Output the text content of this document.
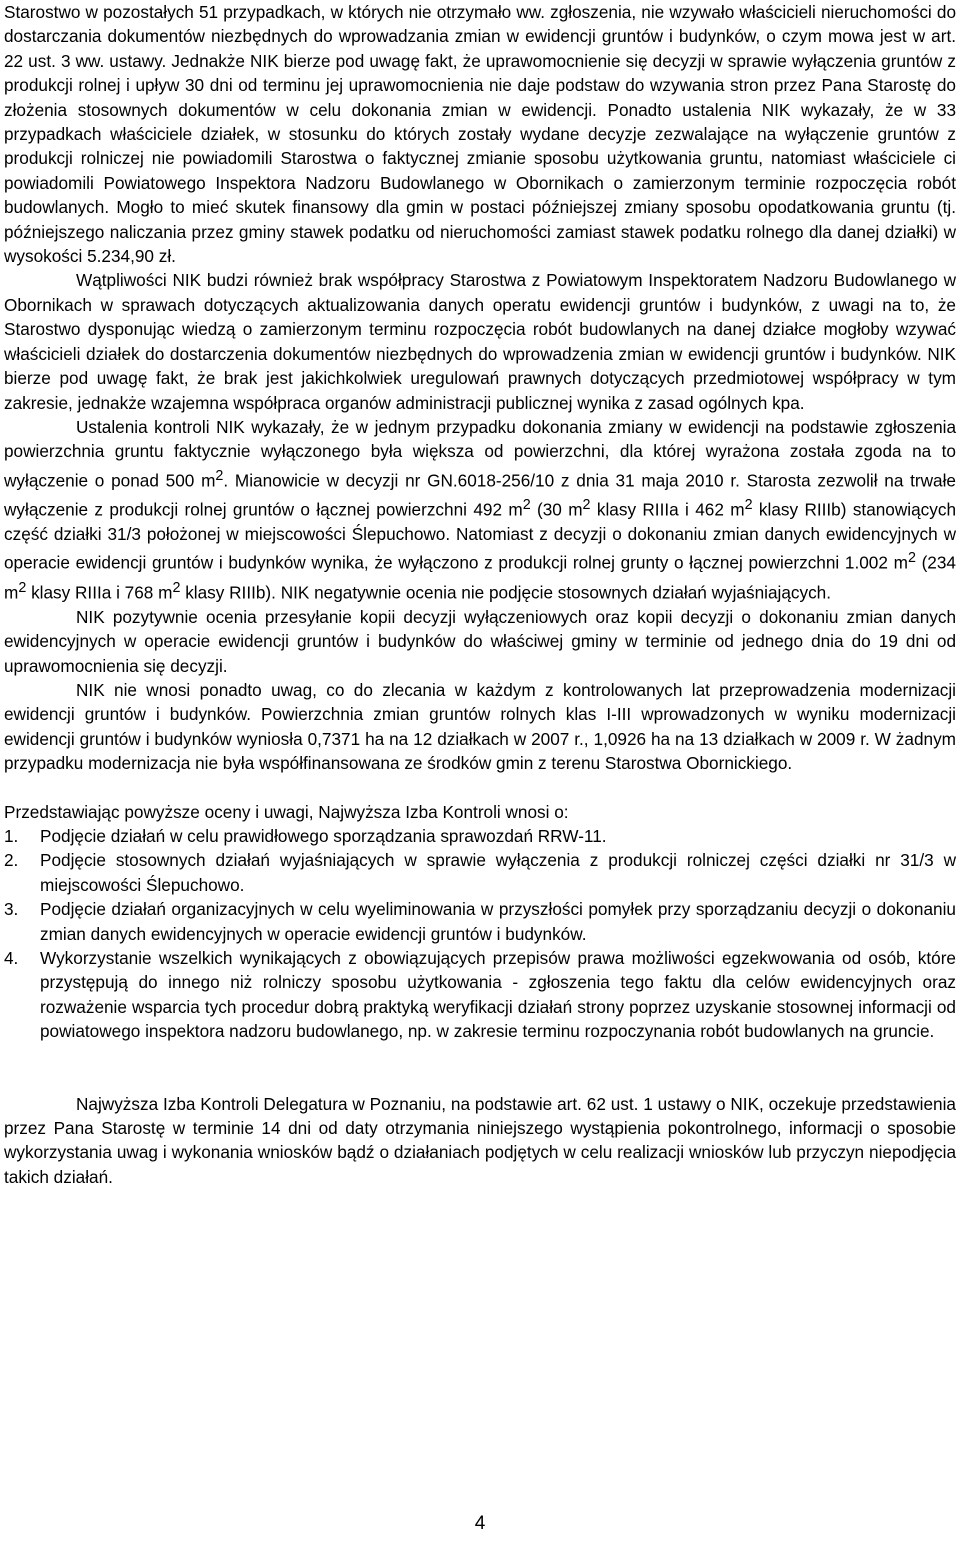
Starostwo w pozostałych 51 przypadkach, w których nie otrzymało ww. zgłoszenia, nie wzywało właścicieli nieruchomości do dostarczania dokumentów niezbędnych do wprowadzania zmian w ewidencji gruntów i budynków, o czym mowa jest w art. 22 ust. 3 ww. ustawy. Jednakże NIK bierze pod uwagę fakt, że uprawomocnienie się decyzji w sprawie wyłączenia gruntów z produkcji rolnej i upływ 30 dni od terminu jej uprawomocnienia nie daje podstaw do wzywania stron przez Pana Starostę do złożenia stosownych dokumentów w celu dokonania zmian w ewidencji. Ponadto ustalenia NIK wykazały, że w 33 przypadkach właściciele działek, w stosunku do których zostały wydane decyzje zezwalające na wyłączenie gruntów z produkcji rolniczej nie powiadomili Starostwa o faktycznej zmianie sposobu użytkowania gruntu, natomiast właściciele ci powiadomili Powiatowego Inspektora Nadzoru Budowlanego w Obornikach o zamierzonym terminie rozpoczęcia robót budowlanych. Mogło to mieć skutek finansowy dla gmin w postaci późniejszej zmiany sposobu opodatkowania gruntu (tj. późniejszego naliczania przez gminy stawek podatku od nieruchomości zamiast stawek podatku rolnego dla danej działki) w wysokości 5.234,90 zł.

Wątpliwości NIK budzi również brak współpracy Starostwa z Powiatowym Inspektoratem Nadzoru Budowlanego w Obornikach w sprawach dotyczących aktualizowania danych operatu ewidencji gruntów i budynków, z uwagi na to, że Starostwo dysponując wiedzą o zamierzonym terminu rozpoczęcia robót budowlanych na danej działce mogłoby wzywać właścicieli działek do dostarczenia dokumentów niezbędnych do wprowadzenia zmian w ewidencji gruntów i budynków. NIK bierze pod uwagę fakt, że brak jest jakichkolwiek uregulowań prawnych dotyczących przedmiotowej współpracy w tym zakresie, jednakże wzajemna współpraca organów administracji publicznej wynika z zasad ogólnych kpa.

Ustalenia kontroli NIK wykazały, że w jednym przypadku dokonania zmiany w ewidencji na podstawie zgłoszenia powierzchnia gruntu faktycznie wyłączonego była większa od powierzchni, dla której wyrażona została zgoda na to wyłączenie o ponad 500 $m^2$. Mianowicie w decyzji nr GN.6018-256/10 z dnia 31 maja 2010 r. Starosta zezwolił na trwałe wyłączenie z produkcji rolnej gruntów o łącznej powierzchni 492 $m^2$ (30 $m^2$ klasy RIIIa i 462 $m^2$ klasy RIIIb) stanowiących część działki 31/3 położonej w miejscowości Ślepuchowo. Natomiast z decyzji o dokonaniu zmian danych ewidencyjnych w operacie ewidencji gruntów i budynków wynika, że wyłączono z produkcji rolnej grunty o łącznej powierzchni 1.002 $m^2$ (234 $m^2$ klasy RIIIa i 768 $m^2$ klasy RIIIb). NIK negatywnie ocenia nie podjęcie stosownych działań wyjaśniających.

NIK pozytywnie ocenia przesyłanie kopii decyzji wyłączeniowych oraz kopii decyzji o dokonaniu zmian danych ewidencyjnych w operacie ewidencji gruntów i budynków do właściwej gminy w terminie od jednego dnia do 19 dni od uprawomocnienia się decyzji.

NIK nie wnosi ponadto uwag, co do zlecania w każdym z kontrolowanych lat przeprowadzenia modernizacji ewidencji gruntów i budynków. Powierzchnia zmian gruntów rolnych klas I-III wprowadzonych w wyniku modernizacji ewidencji gruntów i budynków wyniosła 0,7371 ha na 12 działkach w 2007 r., 1,0926 ha na 13 działkach w 2009 r. W żadnym przypadku modernizacja nie była współfinansowana ze środków gmin z terenu Starostwa Obornickiego.

Przedstawiając powyższe oceny i uwagi, Najwyższa Izba Kontroli wnosi o:

1. Podjęcie działań w celu prawidłowego sporządzania sprawozdań RRW-11.
2. Podjęcie stosownych działań wyjaśniających w sprawie wyłączenia z produkcji rolniczej części działki nr 31/3 w miejscowości Ślepuchowo.
3. Podjęcie działań organizacyjnych w celu wyeliminowania w przyszłości pomyłek przy sporządzaniu decyzji o dokonaniu zmian danych ewidencyjnych w operacie ewidencji gruntów i budynków.
4. Wykorzystanie wszelkich wynikających z obowiązujących przepisów prawa możliwości egzekwowania od osób, które przystępują do innego niż rolniczy sposobu użytkowania - zgłoszenia tego faktu dla celów ewidencyjnych oraz rozważenie wsparcia tych procedur dobrą praktyką weryfikacji działań strony poprzez uzyskanie stosownej informacji od powiatowego inspektora nadzoru budowlanego, np. w zakresie terminu rozpoczynania robót budowlanych na gruncie.

Najwyższa Izba Kontroli Delegatura w Poznaniu, na podstawie art. 62 ust. 1 ustawy o NIK, oczekuje przedstawienia przez Pana Starostę w terminie 14 dni od daty otrzymania niniejszego wystąpienia pokontrolnego, informacji o sposobie wykorzystania uwag i wykonania wniosków bądź o działaniach podjętych w celu realizacji wniosków lub przyczyn niepodjęcia takich działań.

4
